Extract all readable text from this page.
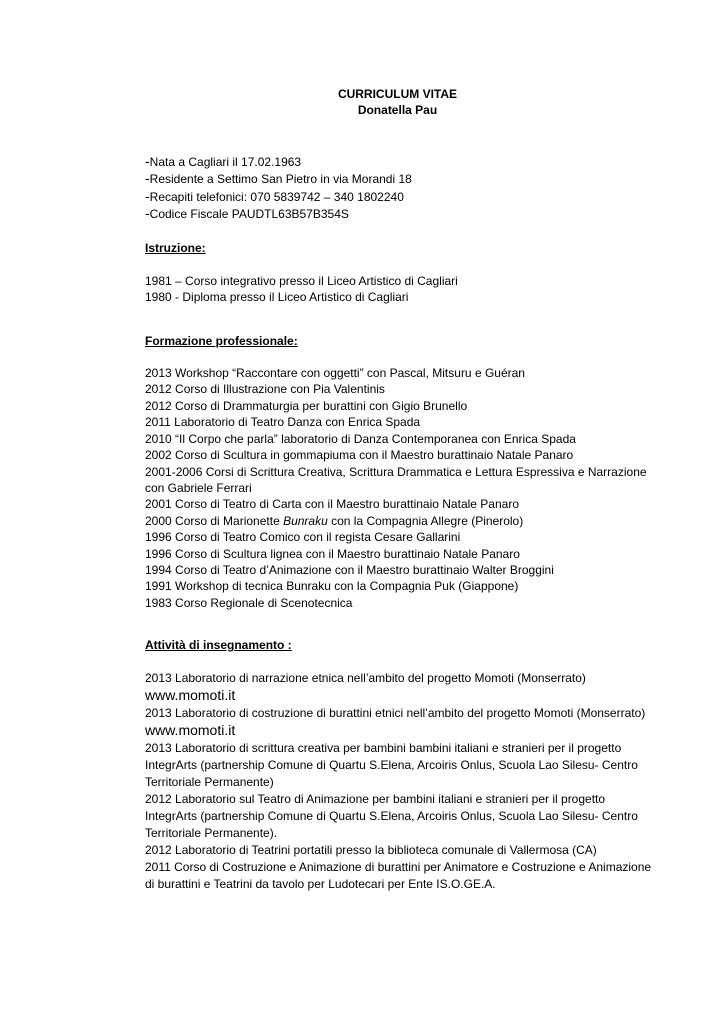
CURRICULUM VITAE
Donatella Pau
-Nata a Cagliari il 17.02.1963
-Residente a Settimo San Pietro in via Morandi 18
-Recapiti telefonici: 070 5839742 – 340 1802240
-Codice Fiscale PAUDTL63B57B354S
Istruzione:
1981 – Corso integrativo presso il Liceo Artistico di Cagliari
1980 - Diploma presso il Liceo Artistico di Cagliari
Formazione professionale:
2013 Workshop “Raccontare con oggetti” con Pascal, Mitsuru e Guéran
2012 Corso di Illustrazione con Pia Valentinis
2012 Corso di Drammaturgia per burattini con Gigio Brunello
2011 Laboratorio di Teatro Danza con Enrica Spada
2010 “Il Corpo che parla” laboratorio di Danza Contemporanea con Enrica Spada
2002 Corso di Scultura in gommapiuma con il Maestro burattinaio Natale Panaro
2001-2006 Corsi di Scrittura Creativa, Scrittura Drammatica e Lettura Espressiva e Narrazione con Gabriele Ferrari
2001 Corso di Teatro di Carta con il Maestro burattinaio Natale Panaro
2000 Corso di Marionette Bunraku con la Compagnia Allegre (Pinerolo)
1996 Corso di Teatro Comico con il regista Cesare Gallarini
1996 Corso di Scultura lignea con il Maestro burattinaio Natale Panaro
1994 Corso di Teatro d’Animazione con il Maestro burattinaio Walter Broggini
1991 Workshop di tecnica Bunraku con la Compagnia Puk (Giappone)
1983 Corso Regionale di Scenotecnica
Attività di insegnamento :
2013 Laboratorio di narrazione etnica nell’ambito del progetto Momoti (Monserrato) www.momoti.it
2013 Laboratorio di costruzione di burattini etnici nell’ambito del progetto Momoti (Monserrato) www.momoti.it
2013 Laboratorio di scrittura creativa per bambini bambini italiani e stranieri per il progetto IntegrArts (partnership Comune di Quartu S.Elena, Arcoiris Onlus, Scuola Lao Silesu- Centro Territoriale Permanente)
2012 Laboratorio sul Teatro di Animazione per bambini italiani e stranieri per il progetto IntegrArts (partnership Comune di Quartu S.Elena, Arcoiris Onlus, Scuola Lao Silesu- Centro Territoriale Permanente).
2012 Laboratorio di Teatrini portatili presso la biblioteca comunale di Vallermosa (CA)
2011 Corso di Costruzione e Animazione di burattini per Animatore e Costruzione e Animazione di burattini e Teatrini da tavolo per Ludotecari per Ente IS.O.GE.A.
